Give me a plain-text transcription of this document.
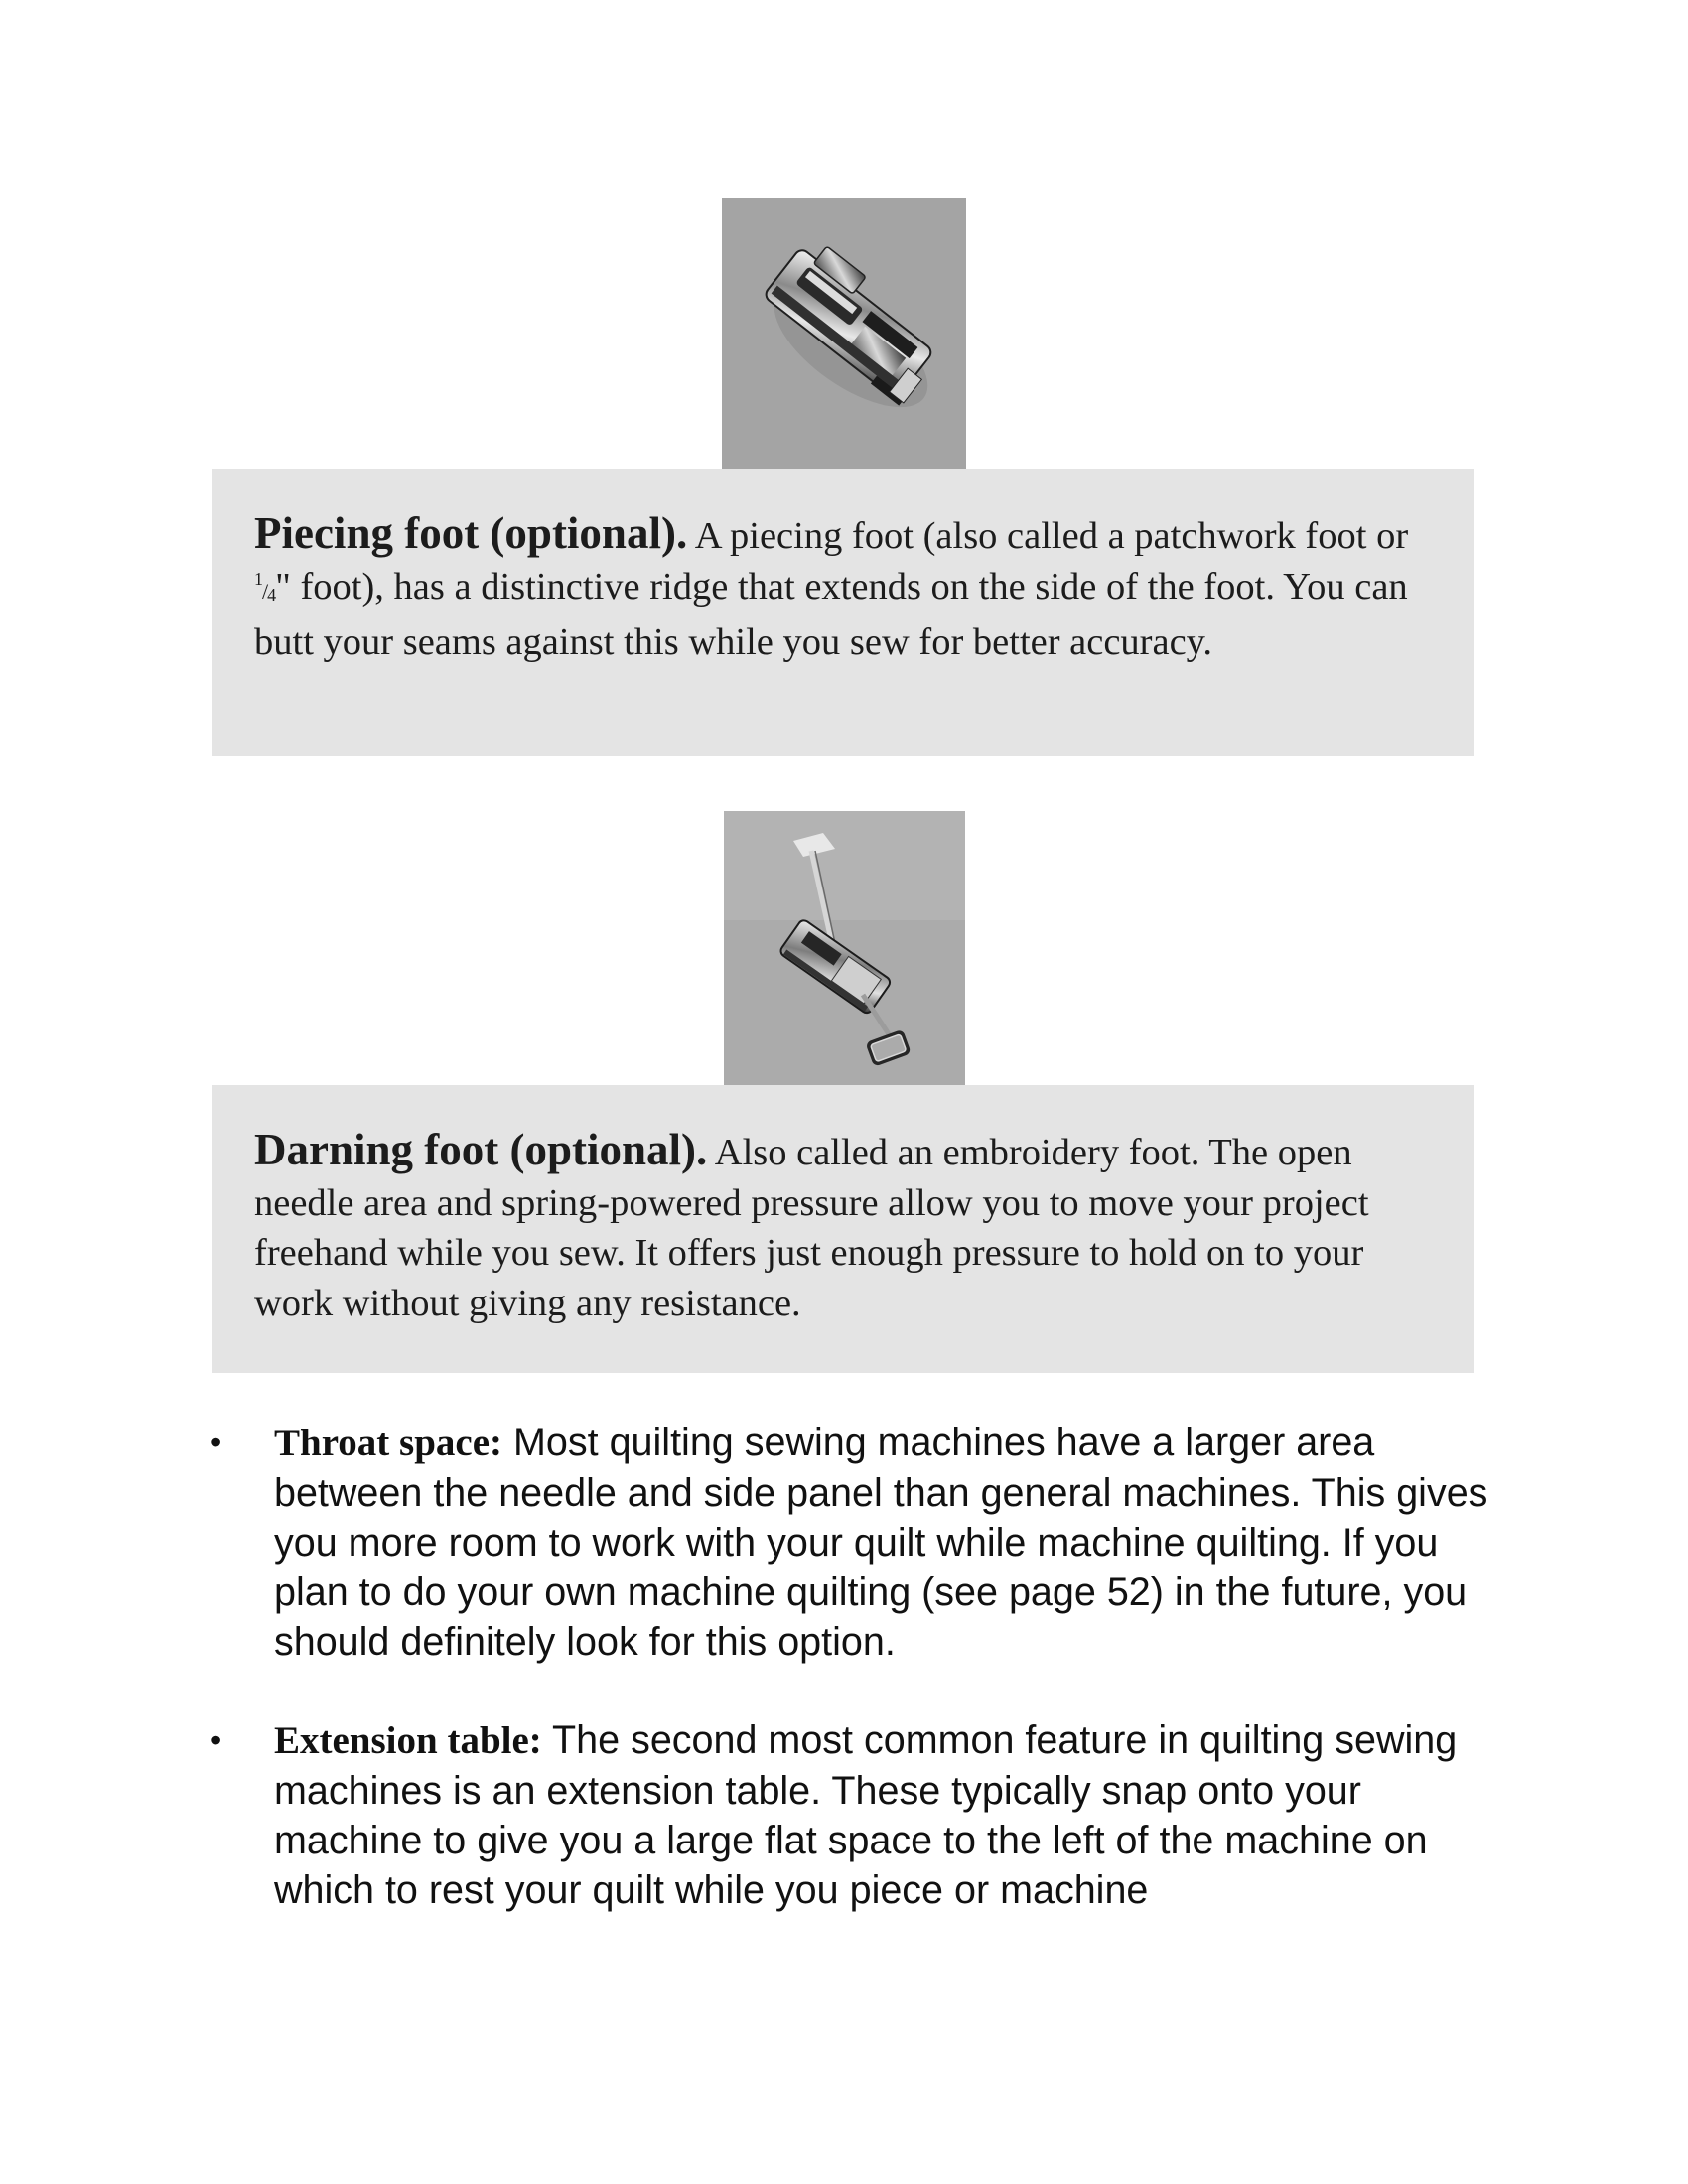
Piecing foot (optional). A piecing foot (also called a patchwork foot or $^1$/4" foot), has a distinctive ridge that extends on the side of the foot. You can butt your seams against this while you sew for better accuracy.

Darning foot (optional). Also called an embroidery foot. The open needle area and spring-powered pressure allow you to move your project freehand while you sew. It offers just enough pressure to hold on to your work without giving any resistance.

• Throat space: Most quilting sewing machines have a larger area between the needle and side panel than general machines. This gives you more room to work with your quilt while machine quilting. If you plan to do your own machine quilting (see page 52) in the future, you should definitely look for this option.
• Extension table: The second most common feature in quilting sewing machines is an extension table. These typically snap onto your machine to give you a large flat space to the left of the machine on which to rest your quilt while you piece or machine
